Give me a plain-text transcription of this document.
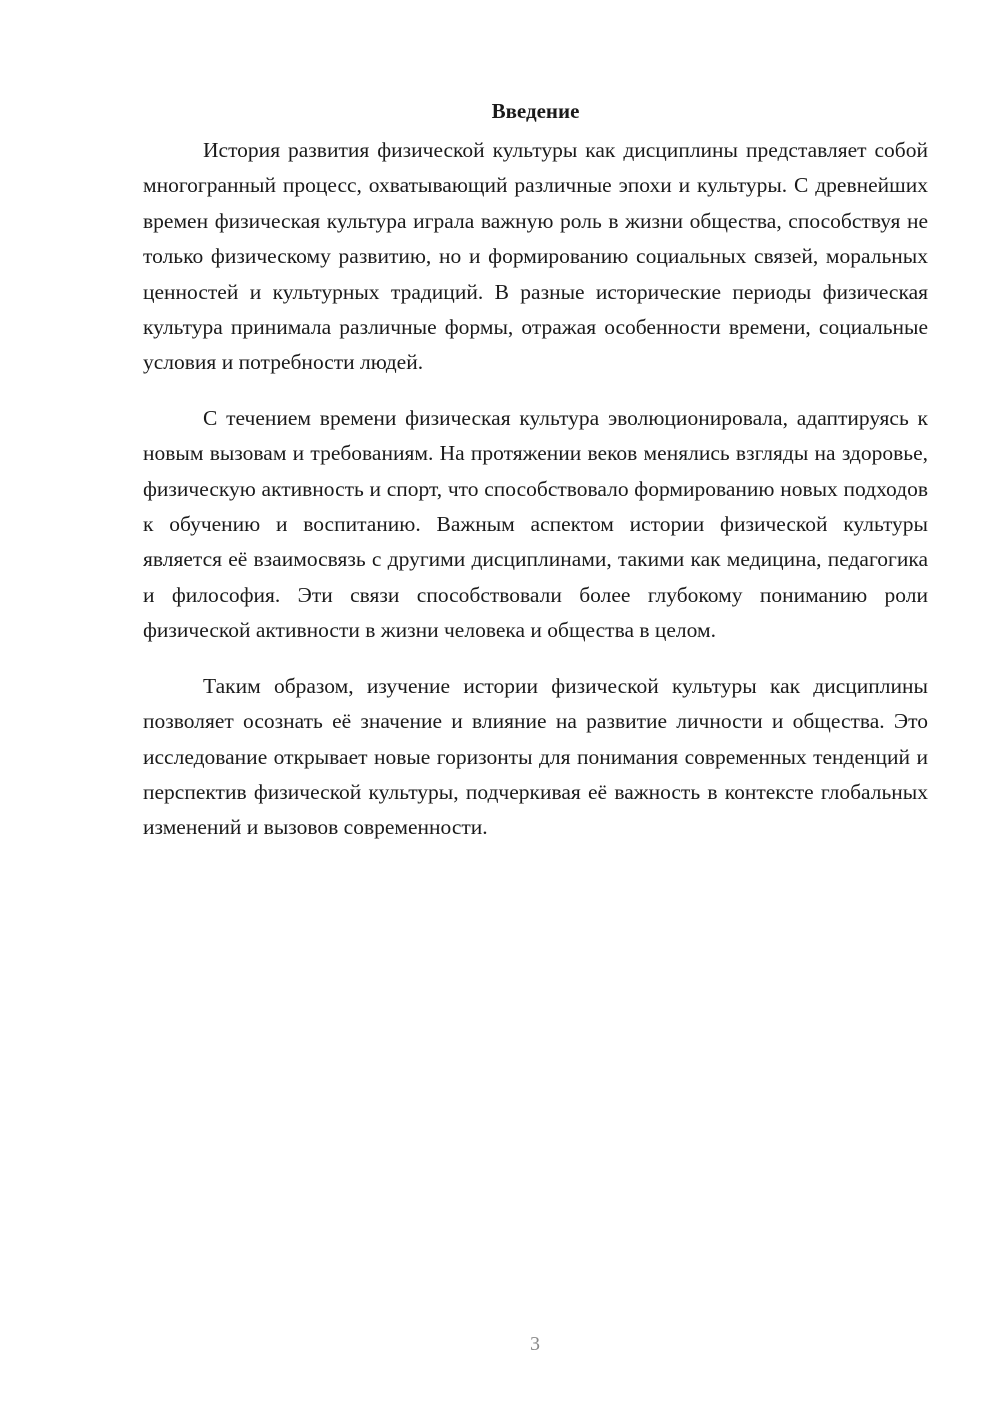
Введение

История развития физической культуры как дисциплины представляет собой многогранный процесс, охватывающий различные эпохи и культуры. С древнейших времен физическая культура играла важную роль в жизни общества, способствуя не только физическому развитию, но и формированию социальных связей, моральных ценностей и культурных традиций. В разные исторические периоды физическая культура принимала различные формы, отражая особенности времени, социальные условия и потребности людей.

С течением времени физическая культура эволюционировала, адаптируясь к новым вызовам и требованиям. На протяжении веков менялись взгляды на здоровье, физическую активность и спорт, что способствовало формированию новых подходов к обучению и воспитанию. Важным аспектом истории физической культуры является её взаимосвязь с другими дисциплинами, такими как медицина, педагогика и философия. Эти связи способствовали более глубокому пониманию роли физической активности в жизни человека и общества в целом.

Таким образом, изучение истории физической культуры как дисциплины позволяет осознать её значение и влияние на развитие личности и общества. Это исследование открывает новые горизонты для понимания современных тенденций и перспектив физической культуры, подчеркивая её важность в контексте глобальных изменений и вызовов современности.

3
